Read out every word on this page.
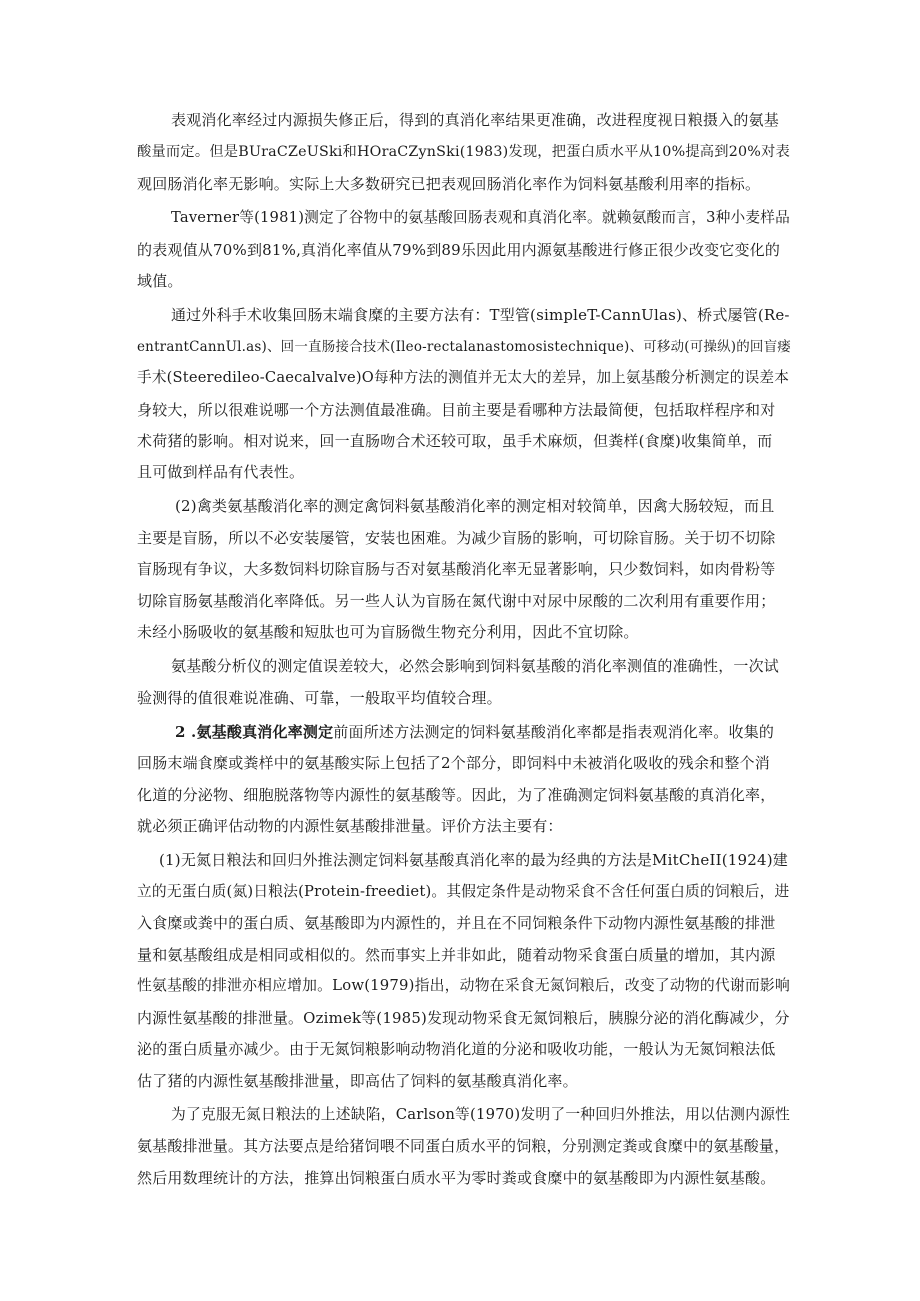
表观消化率经过内源损失修正后，得到的真消化率结果更准确，改进程度视日粮摄入的氨基
酸量而定。但是BUraCZeUSki和HOraCZynSki(1983)发现，把蛋白质水平从10%提高到20%对表
观回肠消化率无影响。实际上大多数研究已把表观回肠消化率作为饲料氨基酸利用率的指标。
Taverner等(1981)测定了谷物中的氨基酸回肠表观和真消化率。就赖氨酸而言，3种小麦样品
的表观值从70%到81%,真消化率值从79%到89乐因此用内源氨基酸进行修正很少改变它变化的
域值。
通过外科手术收集回肠末端食糜的主要方法有：T型管(simpleT-CannUlas)、桥式屡管(Re-
entrantCannUl.as)、回一直肠接合技术(Ileo-rectalanastomosistechnique)、可移动(可操纵)的回盲瘘
手术(Steeredileo-Caecalvalve)O每种方法的测值并无太大的差异，加上氨基酸分析测定的误差本
身较大，所以很难说哪一个方法测值最准确。目前主要是看哪种方法最简便，包括取样程序和对
术荷猪的影响。相对说来，回一直肠吻合术还较可取，虽手术麻烦，但粪样(食糜)收集简单，而
且可做到样品有代表性。
(2)禽类氨基酸消化率的测定禽饲料氨基酸消化率的测定相对较简单，因禽大肠较短，而且
主要是盲肠，所以不必安装屡管，安装也困难。为减少盲肠的影响，可切除盲肠。关于切不切除
盲肠现有争议，大多数饲料切除盲肠与否对氨基酸消化率无显著影响，只少数饲料，如肉骨粉等
切除盲肠氨基酸消化率降低。另一些人认为盲肠在氮代谢中对尿中尿酸的二次利用有重要作用；
未经小肠吸收的氨基酸和短肽也可为盲肠微生物充分利用，因此不宜切除。
氨基酸分析仪的测定值误差较大，必然会影响到饲料氨基酸的消化率测值的准确性，一次试
验测得的值很难说准确、可靠，一般取平均值较合理。
2 .氨基酸真消化率测定前面所述方法测定的饲料氨基酸消化率都是指表观消化率。收集的
回肠末端食糜或粪样中的氨基酸实际上包括了2个部分，即饲料中未被消化吸收的残余和整个消
化道的分泌物、细胞脱落物等内源性的氨基酸等。因此，为了准确测定饲料氨基酸的真消化率，
就必须正确评估动物的内源性氨基酸排泄量。评价方法主要有：
(1)无氮日粮法和回归外推法测定饲料氨基酸真消化率的最为经典的方法是MitCheII(1924)建
立的无蛋白质(氮)日粮法(Protein-freediet)。其假定条件是动物采食不含任何蛋白质的饲粮后，进
入食糜或粪中的蛋白质、氨基酸即为内源性的，并且在不同饲粮条件下动物内源性氨基酸的排泄
量和氨基酸组成是相同或相似的。然而事实上并非如此，随着动物采食蛋白质量的增加，其内源
性氨基酸的排泄亦相应增加。Low(1979)指出，动物在采食无氮饲粮后，改变了动物的代谢而影响
内源性氨基酸的排泄量。Ozimek等(1985)发现动物采食无氮饲粮后，胰腺分泌的消化酶减少，分
泌的蛋白质量亦减少。由于无氮饲粮影响动物消化道的分泌和吸收功能，一般认为无氮饲粮法低
估了猪的内源性氨基酸排泄量，即高估了饲料的氨基酸真消化率。
为了克服无氮日粮法的上述缺陷，Carlson等(1970)发明了一种回归外推法，用以估测内源性
氨基酸排泄量。其方法要点是给猪饲喂不同蛋白质水平的饲粮，分别测定粪或食糜中的氨基酸量，
然后用数理统计的方法，推算出饲粮蛋白质水平为零时粪或食糜中的氨基酸即为内源性氨基酸。
